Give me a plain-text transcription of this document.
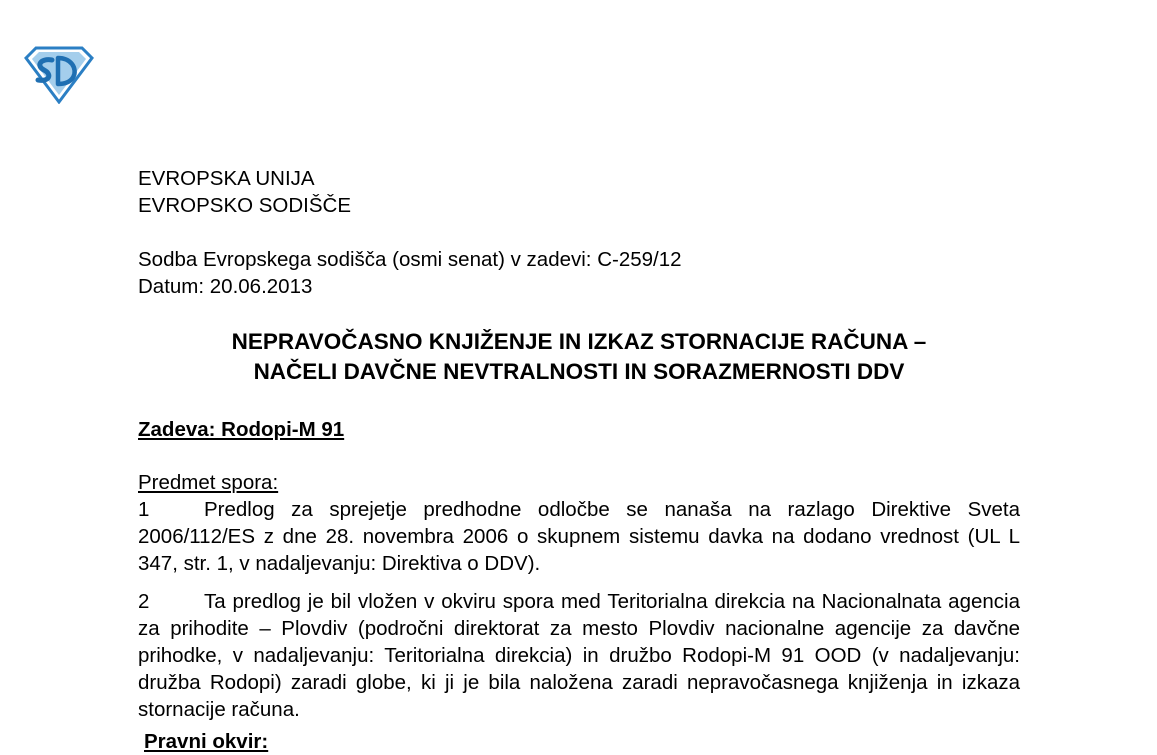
EVROPSKA UNIJA
EVROPSKO SODIŠČE
Sodba Evropskega sodišča (osmi senat) v zadevi: C-259/12
Datum: 20.06.2013
NEPRAVOČASNO KNJIŽENJE IN IZKAZ STORNACIJE RAČUNA –
NAČELI DAVČNE NEVTRALNOSTI IN SORAZMERNOSTI DDV
Zadeva: Rodopi-M 91
Predmet spora:
1	Predlog za sprejetje predhodne odločbe se nanaša na razlago Direktive Sveta 2006/112/ES z dne 28. novembra 2006 o skupnem sistemu davka na dodano vrednost (UL L 347, str. 1, v nadaljevanju: Direktiva o DDV).
2	Ta predlog je bil vložen v okviru spora med Teritorialna direkcia na Nacionalnata agencia za prihodite – Plovdiv (področni direktorat za mesto Plovdiv nacionalne agencije za davčne prihodke, v nadaljevanju: Teritorialna direkcia) in družbo Rodopi-M 91 OOD (v nadaljevanju: družba Rodopi) zaradi globe, ki ji je bila naložena zaradi nepravočasnega knjiženja in izkaza stornacije računa.
Pravni okvir:
